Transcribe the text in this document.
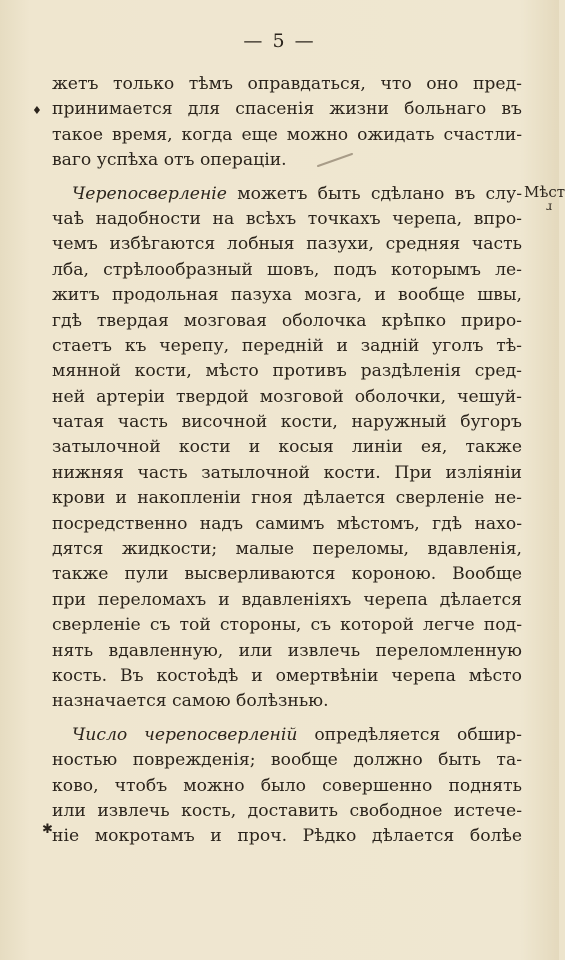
— 5 —
♦
✱
Мѣст
ɹ
жетъ только тѣмъ оправдаться, что оно пред-
принимается для спасенія жизни больнаго въ
такое время, когда еще можно ожидать счастли-
ваго успѣха отъ операціи.
Черепосверленіе можетъ быть сдѣлано въ слу-
чаѣ надобности на всѣхъ точкахъ черепа, впро-
чемъ избѣгаются лобныя пазухи, средняя часть
лба, стрѣлообразный шовъ, подъ которымъ ле-
житъ продольная пазуха мозга, и вообще швы,
гдѣ твердая мозговая оболочка крѣпко прирo-
стаетъ къ черепу, передній и задній уголъ тѣ-
мянной кости, мѣсто противъ раздѣленія сред-
ней артеріи твердой мозговой оболочки, чешуй-
чатая часть височной кости, наружный бугоръ
затылочной кости и косыя линіи ея, также
нижняя часть затылочной кости. При изліяніи
крови и накопленіи гноя дѣлается сверленіе не-
посредственно надъ самимъ мѣстомъ, гдѣ нахо-
дятся жидкости; малые переломы, вдавленія,
также пули высверливаются короною. Вообще
при переломахъ и вдавленіяхъ черепа дѣлается
сверленіе съ той стороны, съ которой легче под-
нять вдавленную, или извлечь переломленную
кость. Въ костоѣдѣ и омертвѣніи черепа мѣсто
назначается самою болѣзнью.
Число черепосверленій опредѣляется обшир-
ностью поврежденія; вообще должно быть та-
ково, чтобъ можно было совершенно поднять
или извлечь кость, доставить свободное истече-
ніе мокротамъ и проч. Рѣдко дѣлается болѣе
